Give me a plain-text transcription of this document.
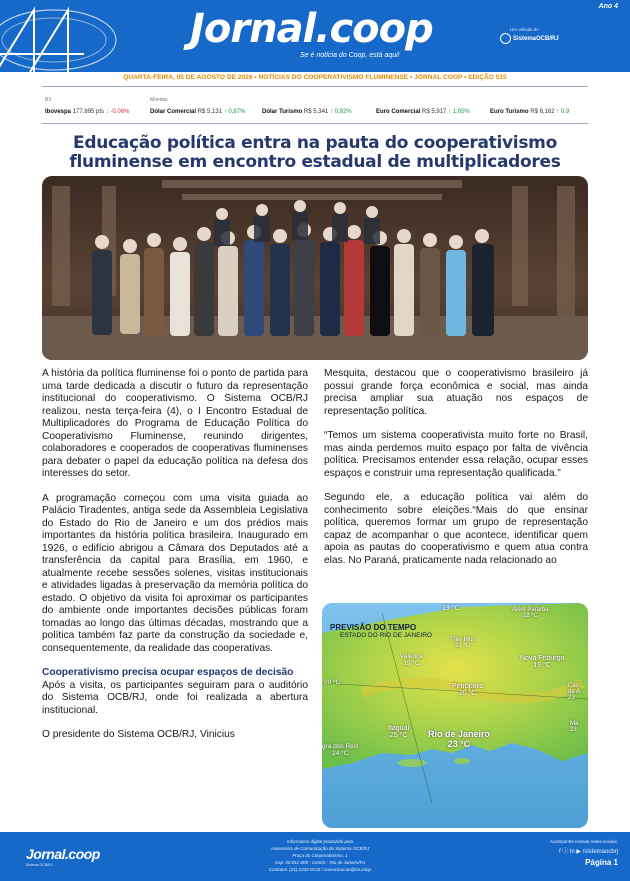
Jornal.coop
Se é notícia do Coop, está aqui!
Ano 4
Um veículo do
SistemaOCB/RJ
QUARTA-FEIRA, 05 DE AGOSTO DE 2026 • NOTÍCIAS DO COOPERATIVISMO FLUMINENSE • JORNAL COOP • EDIÇÃO 515
B3	Moedas
Ibovespa 177.895 pts ↓ -0,06%	Dólar Comercial R$ 5,131 ↑ 0,87%	Dólar Turismo R$ 5,341 ↑ 0,92%	Euro Comercial R$ 5,917 ↑ 1,05%	Euro Turismo R$ 6,162 ↑ 0,9
Educação política entra na pauta do cooperativismo fluminense em encontro estadual de multiplicadores

A história da política fluminense foi o ponto de partida para uma tarde dedicada a discutir o futuro da representação institucional do cooperativismo. O Sistema OCB/RJ realizou, nesta terça-feira (4), o I Encontro Estadual de Multiplicadores do Programa de Educação Política do Cooperativismo Fluminense, reunindo dirigentes, colaboradores e cooperados de cooperativas fluminenses para debater o papel da educação política na defesa dos interesses do setor.

A programação começou com uma visita guiada ao Palácio Tiradentes, antiga sede da Assembleia Legislativa do Estado do Rio de Janeiro e um dos prédios mais importantes da história política brasileira. Inaugurado em 1926, o edifício abrigou a Câmara dos Deputados até a transferência da capital para Brasília, em 1960, e atualmente recebe sessões solenes, visitas institucionais e atividades ligadas à preservação da memória política do estado. O objetivo da visita foi aproximar os participantes do ambiente onde importantes decisões públicas foram tomadas ao longo das últimas décadas, mostrando que a política também faz parte da construção da sociedade e, consequentemente, da realidade das cooperativas.

Cooperativismo precisa ocupar espaços de decisão

Após a visita, os participantes seguiram para o auditório do Sistema OCB/RJ, onde foi realizada a abertura institucional.

O presidente do Sistema OCB/RJ, Vinicius

Mesquita, destacou que o cooperativismo brasileiro já possui grande força econômica e social, mas ainda precisa ampliar sua atuação nos espaços de representação política.

“Temos um sistema cooperativista muito forte no Brasil, mas ainda perdemos muito espaço por falta de vivência política. Precisamos entender essa relação, ocupar esses espaços e construir uma representação qualificada.”

Segundo ele, a educação política vai além do conhecimento sobre eleições.“Mais do que ensinar política, queremos formar um grupo de representação capaz de acompanhar o que acontece, identificar quem apoia as pautas do cooperativismo e quem atua contra elas. No Paraná, praticamente nada relacionado ao

PREVISÃO DO TEMPO
ESTADO DO RIO DE JANEIRO
19 °C	Além Paraíba
22 °C
Três Rios
21 °C
Valença
19 °C
Nova Friburgo
19 °C
20 °C
Petrópolis
20 °C
Cac
de A 23
Itaguaí
25 °C Rio de Janeiro
23 °C
gra dos Reis
24 °C
Ma
23
Jornal.coop
Sistema OCB/RJ
Informativo digital produzido pela
Assessoria de Comunicação do Sistema OCB/RJ
Praça do Cooperativismo, 1
Cep: 20.011-005 - Centro - Rio de Janeiro/RJ
Contatos: (21) 2232-0133 / comunicacao@rio.coop
Acompanhe nossas redes sociais:
f ⓘ in ▶ /sistemaocbrj
Página 1
